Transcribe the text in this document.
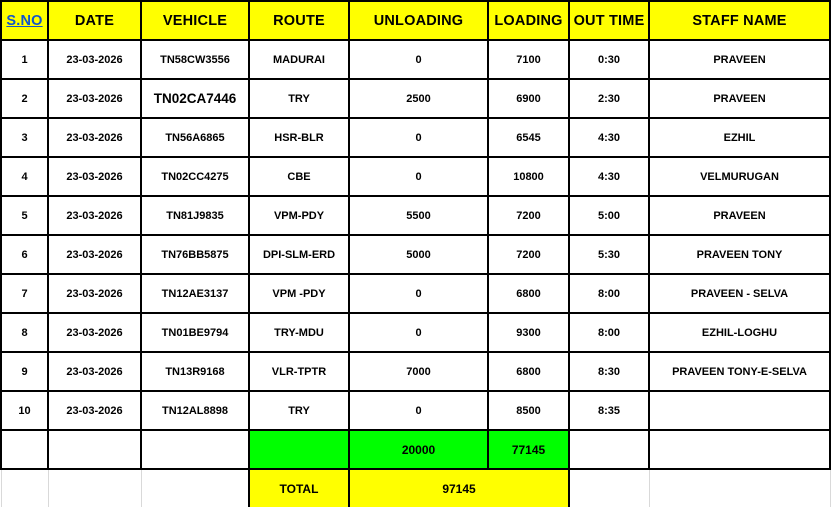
S.NO	DATE	VEHICLE	ROUTE	UNLOADING	LOADING	OUT TIME	STAFF NAME
1	23-03-2026	TN58CW3556	MADURAI	0	7100	0:30	PRAVEEN
2	23-03-2026	TN02CA7446	TRY	2500	6900	2:30	PRAVEEN
3	23-03-2026	TN56A6865	HSR-BLR	0	6545	4:30	EZHIL
4	23-03-2026	TN02CC4275	CBE	0	10800	4:30	VELMURUGAN
5	23-03-2026	TN81J9835	VPM-PDY	5500	7200	5:00	PRAVEEN
6	23-03-2026	TN76BB5875	DPI-SLM-ERD	5000	7200	5:30	PRAVEEN TONY
7	23-03-2026	TN12AE3137	VPM -PDY	0	6800	8:00	PRAVEEN - SELVA
8	23-03-2026	TN01BE9794	TRY-MDU	0	9300	8:00	EZHIL-LOGHU
9	23-03-2026	TN13R9168	VLR-TPTR	7000	6800	8:30	PRAVEEN TONY-E-SELVA
10	23-03-2026	TN12AL8898	TRY	0	8500	8:35	
				20000	77145		
			TOTAL	97145			
